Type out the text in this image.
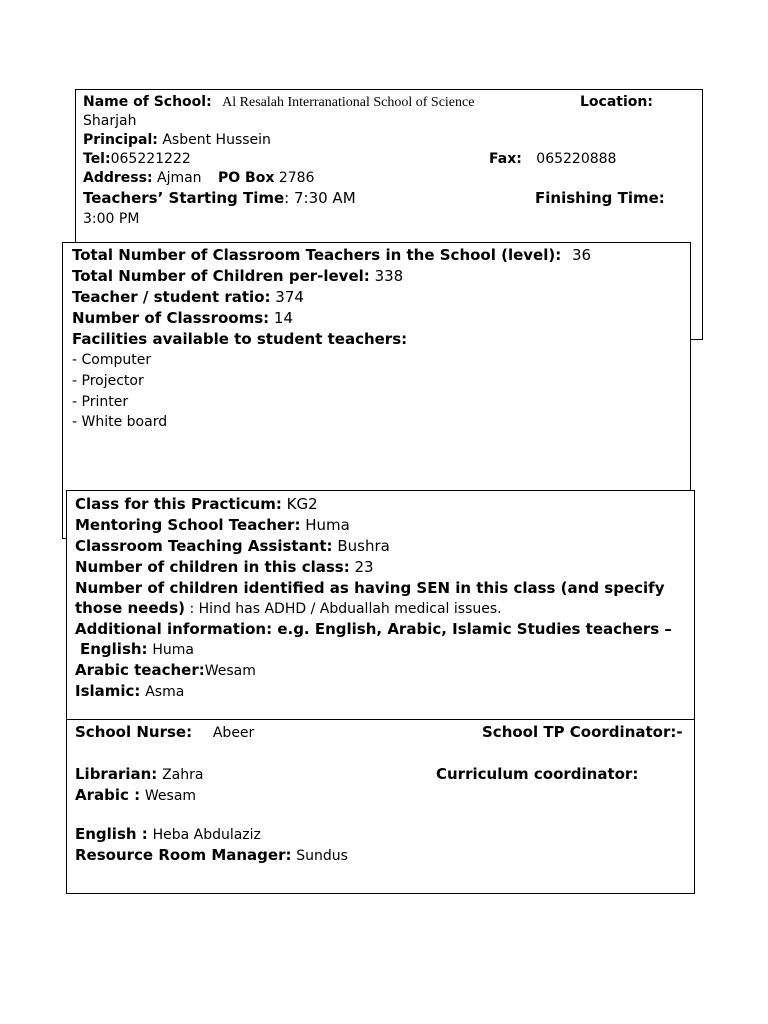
Name of School: Al Resalah Interranational School of Science	Location:
Sharjah
Principal: Asbent Hussein
Tel:065221222	Fax: 065220888
Address: Ajman PO Box 2786
Teachers’ Starting Time: 7:30 AM	Finishing Time:
3:00 PM
Total Number of Classroom Teachers in the School (level): 36
Total Number of Children per-level: 338
Teacher / student ratio: 374
Number of Classrooms: 14
Facilities available to student teachers:
- Computer
- Projector
- Printer
- White board
Class for this Practicum: KG2
Mentoring School Teacher: Huma
Classroom Teaching Assistant: Bushra
Number of children in this class: 23
Number of children identified as having SEN in this class (and specify
those needs) : Hind has ADHD / Abduallah medical issues.
Additional information: e.g. English, Arabic, Islamic Studies teachers –
English: Huma
Arabic teacher:Wesam
Islamic: Asma
School Nurse: Abeer	School TP Coordinator:-
Librarian: Zahra	Curriculum coordinator:
Arabic : Wesam
English : Heba Abdulaziz
Resource Room Manager: Sundus
